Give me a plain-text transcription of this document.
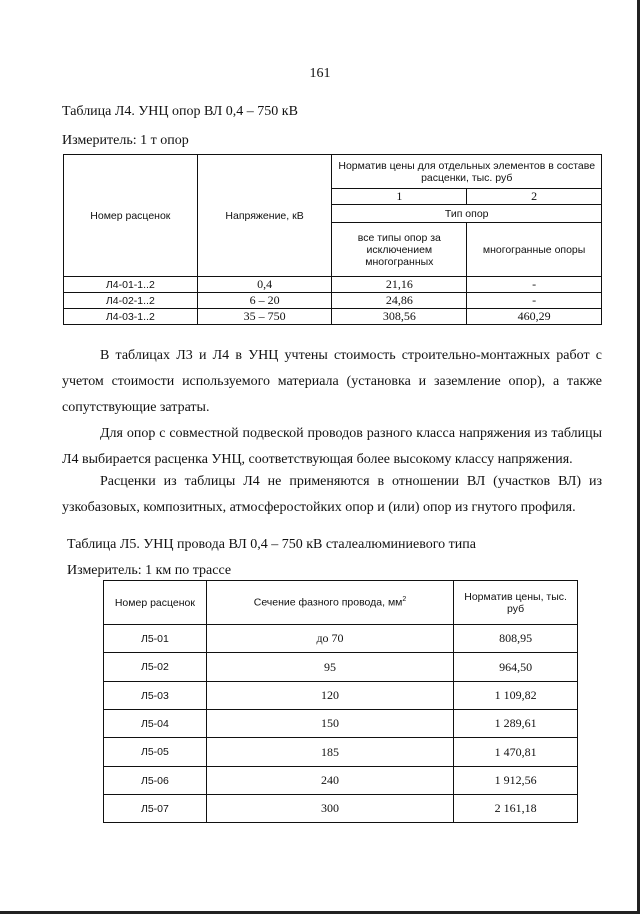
161
Таблица Л4. УНЦ опор ВЛ 0,4 – 750 кВ
Измеритель: 1 т опор
Номер расценок	Напряжение, кВ	Норматив цены для отдельных элементов в составе расценки, тыс. руб	
		1	2
		Тип опор	
		все типы опор за исключением многогранных	многогранные опоры
Л4-01-1..2	0,4	21,16	-
Л4-02-1..2	6 – 20	24,86	-
Л4-03-1..2	35 – 750	308,56	460,29
В таблицах Л3 и Л4 в УНЦ учтены стоимость строительно-монтажных работ с
учетом стоимости используемого материала (установка и заземление опор), а также
сопутствующие затраты.
Для опор с совместной подвеской проводов разного класса напряжения из таблицы
Л4 выбирается расценка УНЦ, соответствующая более высокому классу напряжения.
Расценки из таблицы Л4 не применяются в отношении ВЛ (участков ВЛ) из
узкобазовых, композитных, атмосферостойких опор и (или) опор из гнутого профиля.
Таблица Л5. УНЦ провода ВЛ 0,4 – 750 кВ сталеалюминиевого типа
Измеритель: 1 км по трассе
Номер расценок	Сечение фазного провода, $мм^2$	Норматив цены, тыс. руб
Л5-01	до 70	808,95
Л5-02	95	964,50
Л5-03	120	1 109,82
Л5-04	150	1 289,61
Л5-05	185	1 470,81
Л5-06	240	1 912,56
Л5-07	300	2 161,18
